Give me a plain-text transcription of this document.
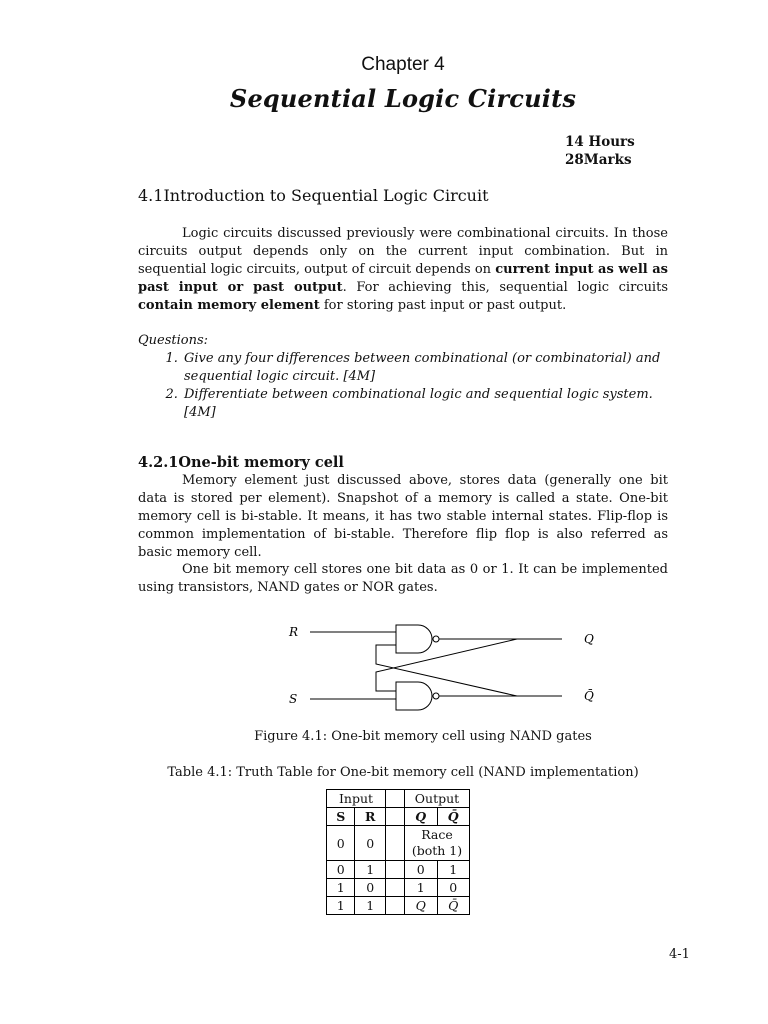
Chapter 4
Sequential Logic Circuits
14 Hours
28Marks
4.1Introduction to Sequential Logic Circuit
Logic circuits discussed previously were combinational circuits. In those circuits output depends only on the current input combination. But in sequential logic circuits, output of circuit depends on current input as well as past input or past output. For achieving this, sequential logic circuits contain memory element for storing past input or past output.
Questions:
1. Give any four differences between combinational (or combinatorial) and sequential logic circuit. [4M]
2. Differentiate between combinational logic and sequential logic system. [4M]
4.2.1One-bit memory cell
Memory element just discussed above, stores data (generally one bit data is stored per element). Snapshot of a memory is called a state. One-bit memory cell is bi-stable. It means, it has two stable internal states. Flip-flop is common implementation of bi-stable. Therefore flip flop is also referred as basic memory cell.
One bit memory cell stores one bit data as 0 or 1. It can be implemented using transistors, NAND gates or NOR gates.
R
S
Q
Q̄
Figure 4.1: One-bit memory cell using NAND gates
Table 4.1: Truth Table for One-bit memory cell (NAND implementation)
Input			Output	
S	R		Q	Q̄
0	0		Race
(both 1)	

0	1		0	1
1	0		1	0
1	1		Q	Q̄
4-1
